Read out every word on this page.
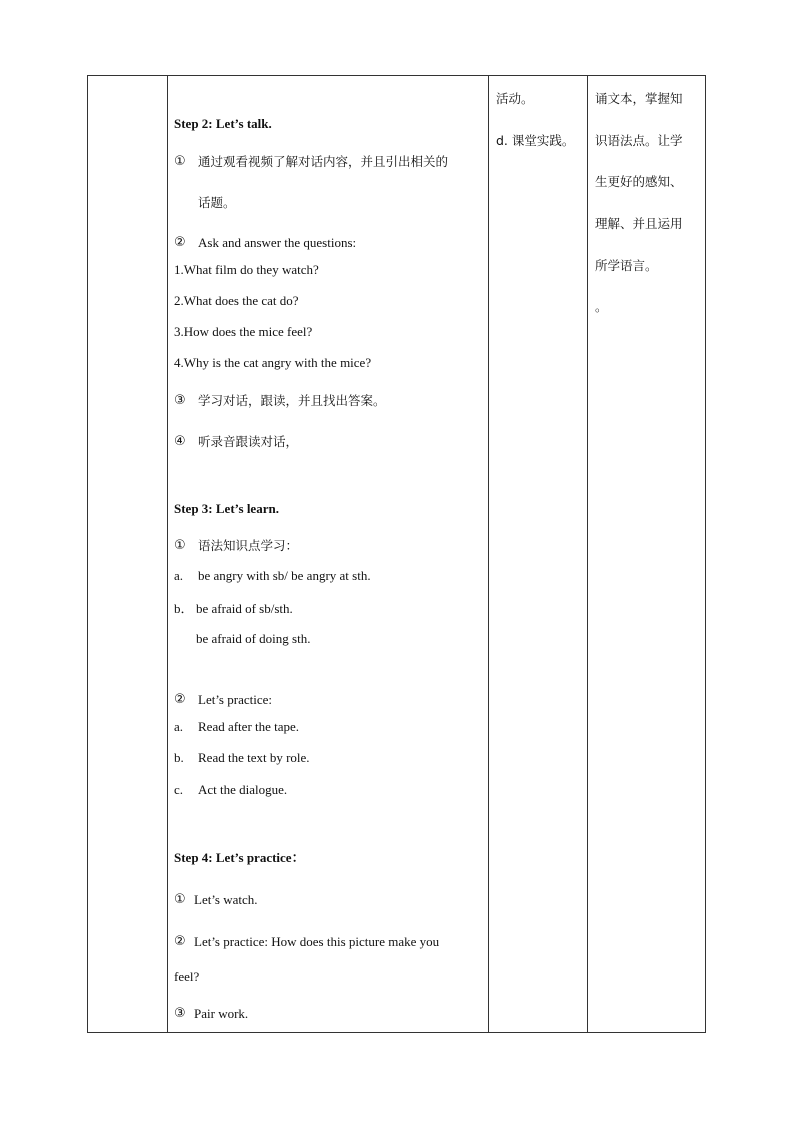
Step 2: Let’s talk.
① 通过观看视频了解对话内容，并且引出相关的
话题。
② Ask and answer the questions:
1.What film do they watch?
2.What does the cat do?
3.How does the mice feel?
4.Why is the cat angry with the mice?
③ 学习对话，跟读，并且找出答案。
④ 听录音跟读对话，
Step 3: Let’s learn.
① 语法知识点学习：
a. be angry with sb/ be angry at sth.
b． be afraid of sb/sth.
be afraid of doing sth.
② Let’s practice:
a. Read after the tape.
b. Read the text by role.
c. Act the dialogue.
Step 4: Let’s practice：
① Let’s watch.
② Let’s practice: How does this picture make you
feel?
③ Pair work.
活动。
d. 课堂实践。
诵文本，掌握知
识语法点。让学
生更好的感知、
理解、并且运用
所学语言。
。
